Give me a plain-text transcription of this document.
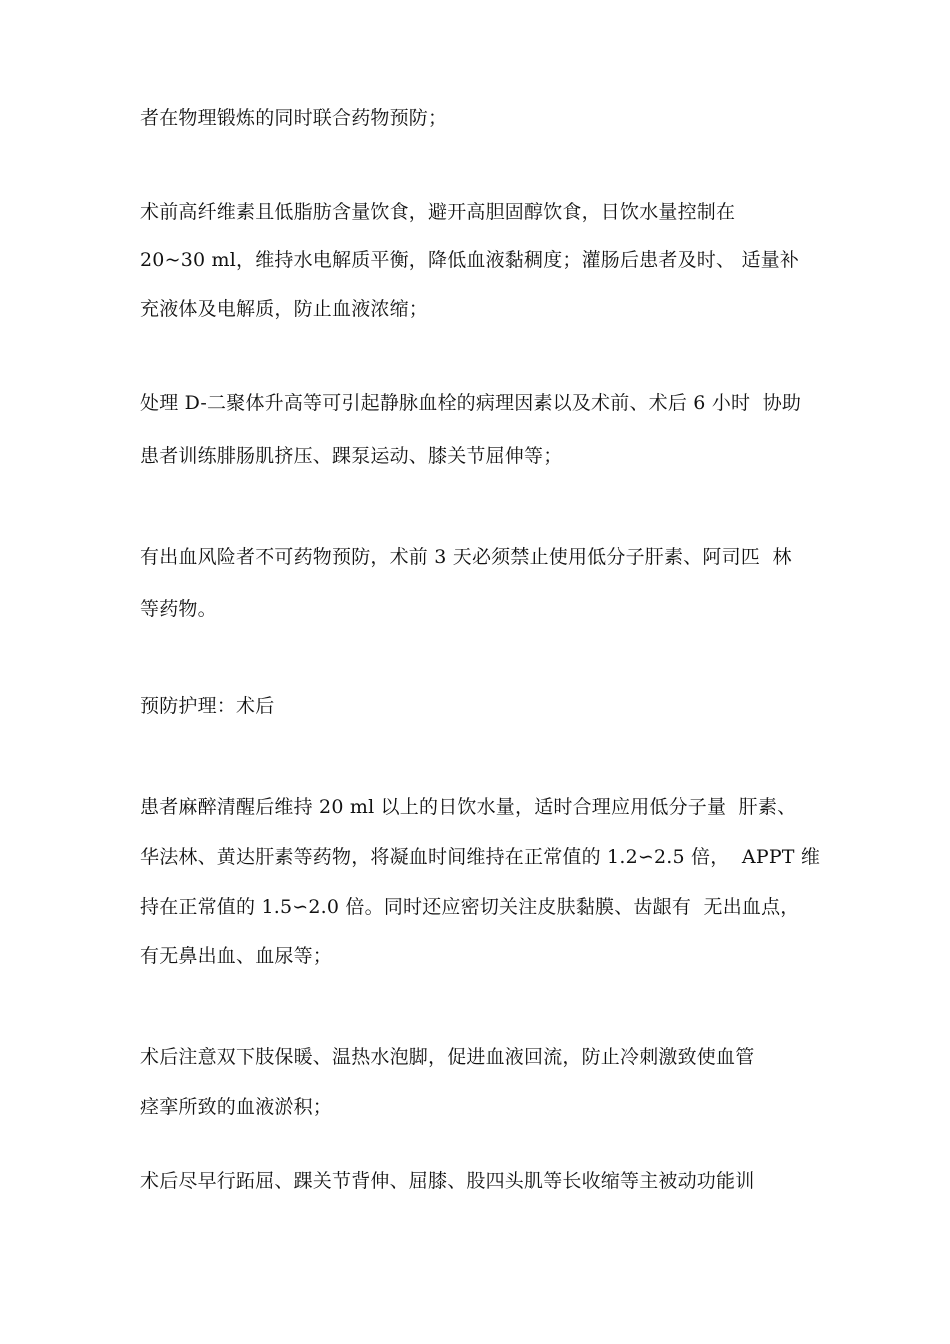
者在物理锻炼的同时联合药物预防；
术前高纤维素且低脂肪含量饮食，避开高胆固醇饮食，日饮水量控制在
20~30 ml，维持水电解质平衡，降低血液黏稠度；灌肠后患者及时、 适量补
充液体及电解质，防止血液浓缩；
处理 D-二聚体升高等可引起静脉血栓的病理因素以及术前、术后 6 小时  协助
患者训练腓肠肌挤压、踝泵运动、膝关节屈伸等；
有出血风险者不可药物预防，术前 3 天必须禁止使用低分子肝素、阿司匹  林
等药物。
预防护理：术后
患者麻醉清醒后维持 20 ml 以上的日饮水量，适时合理应用低分子量  肝素、
华法林、黄达肝素等药物，将凝血时间维持在正常值的 1.2∽2.5 倍，  APPT 维
持在正常值的 1.5∽2.0 倍。同时还应密切关注皮肤黏膜、齿龈有  无出血点，
有无鼻出血、血尿等；
术后注意双下肢保暖、温热水泡脚，促进血液回流，防止冷刺激致使血管
痉挛所致的血液淤积；
术后尽早行跖屈、踝关节背伸、屈膝、股四头肌等长收缩等主被动功能训
